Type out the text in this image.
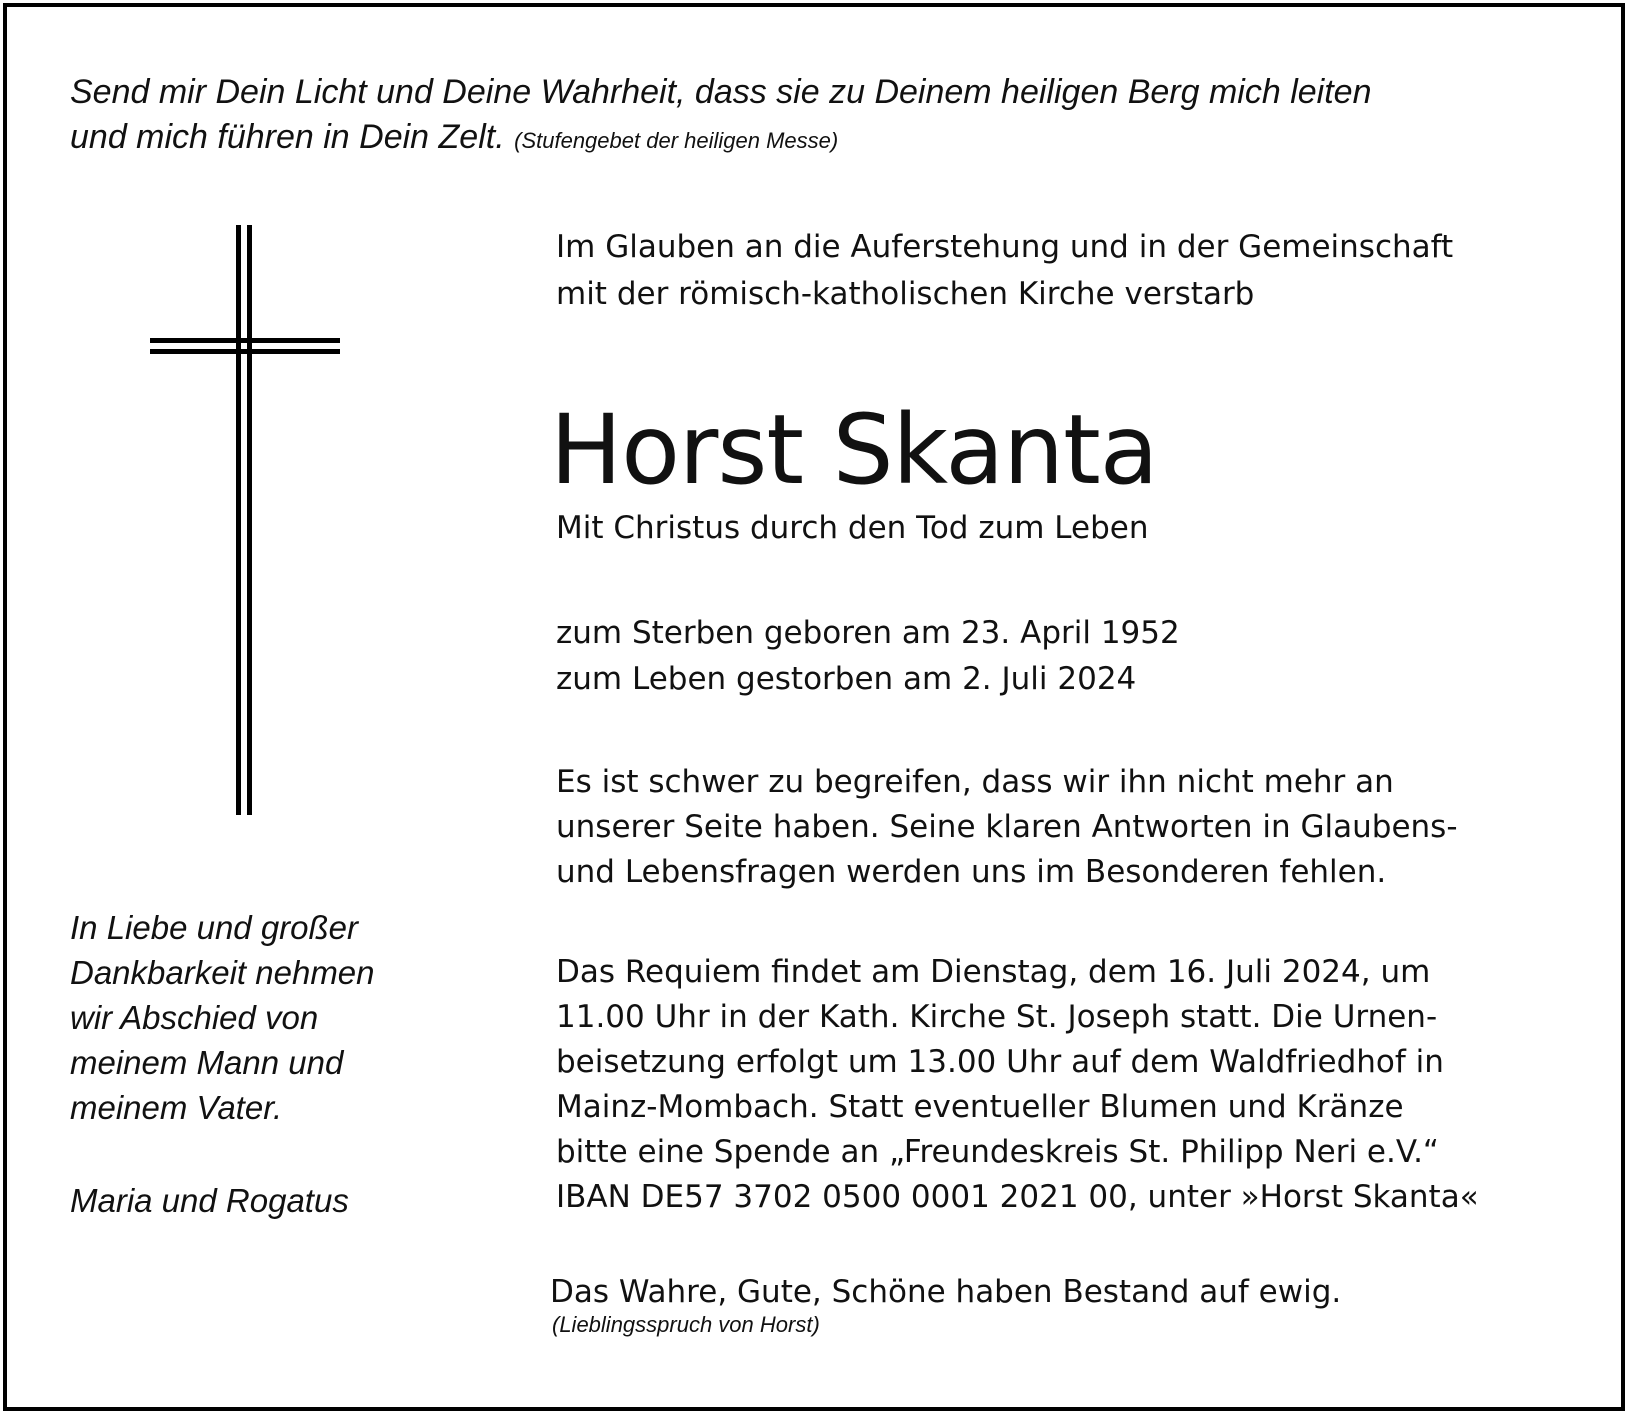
Send mir Dein Licht und Deine Wahrheit, dass sie zu Deinem heiligen Berg mich leiten
und mich führen in Dein Zelt. (Stufengebet der heiligen Messe)
Im Glauben an die Auferstehung und in der Gemeinschaft
mit der römisch-katholischen Kirche verstarb
Horst Skanta
Mit Christus durch den Tod zum Leben
zum Sterben geboren am 23. April 1952
zum Leben gestorben am 2. Juli 2024
Es ist schwer zu begreifen, dass wir ihn nicht mehr an
unserer Seite haben. Seine klaren Antworten in Glaubens-
und Lebensfragen werden uns im Besonderen fehlen.
Das Requiem findet am Dienstag, dem 16. Juli 2024, um
11.00 Uhr in der Kath. Kirche St. Joseph statt. Die Urnen-
beisetzung erfolgt um 13.00 Uhr auf dem Waldfriedhof in
Mainz-Mombach. Statt eventueller Blumen und Kränze
bitte eine Spende an „Freundeskreis St. Philipp Neri e.V.“
IBAN DE57 3702 0500 0001 2021 00, unter »Horst Skanta«
Das Wahre, Gute, Schöne haben Bestand auf ewig.
(Lieblingsspruch von Horst)
In Liebe und großer
Dankbarkeit nehmen
wir Abschied von
meinem Mann und
meinem Vater.
Maria und Rogatus
